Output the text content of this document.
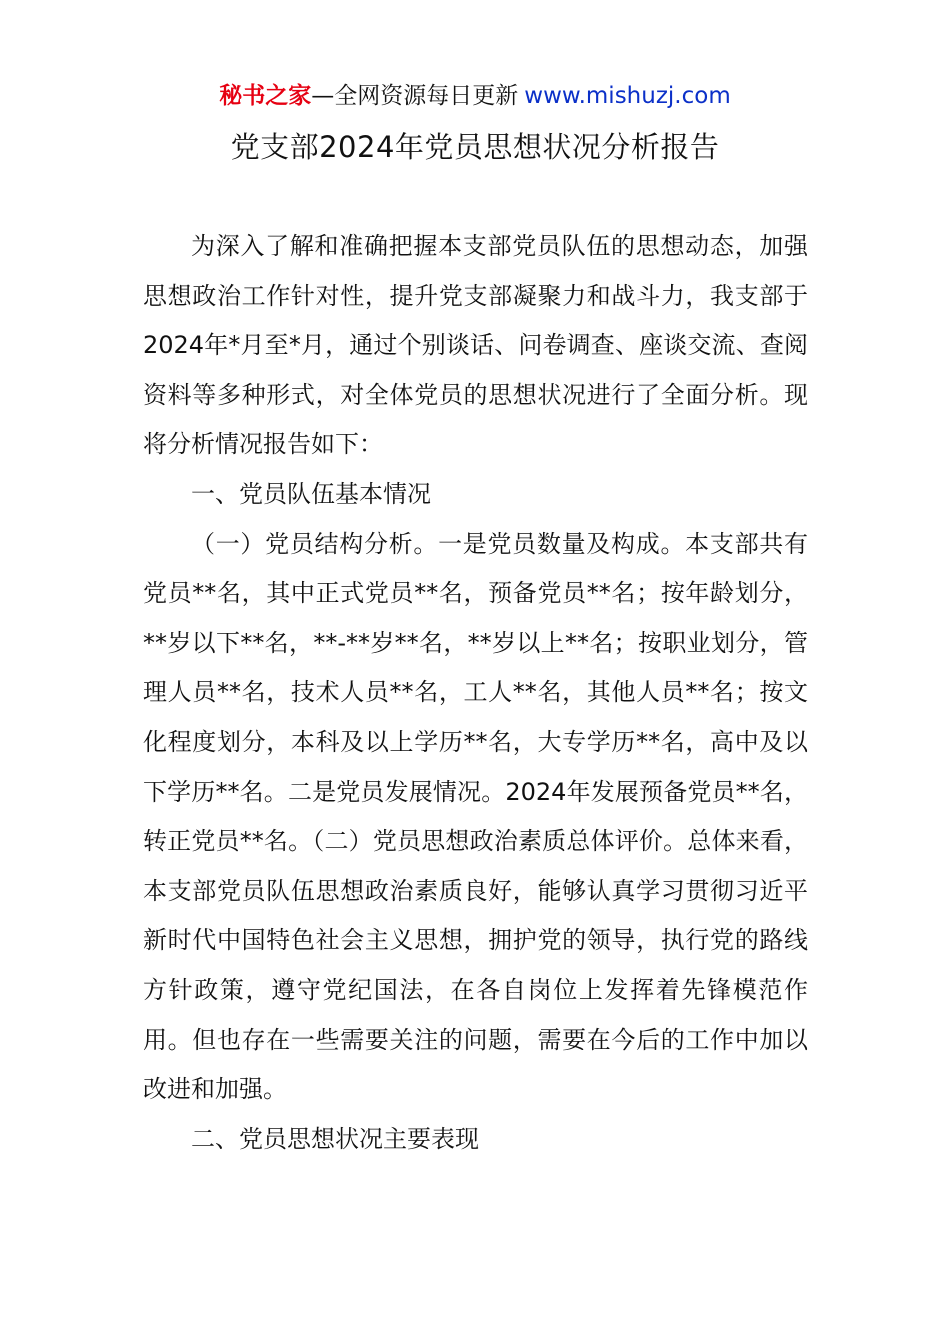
秘书之家—全网资源每日更新 www.mishuzj.com
党支部2024年党员思想状况分析报告

为深入了解和准确把握本支部党员队伍的思想动态，加强思想政治工作针对性，提升党支部凝聚力和战斗力，我支部于2024年*月至*月，通过个别谈话、问卷调查、座谈交流、查阅资料等多种形式，对全体党员的思想状况进行了全面分析。现将分析情况报告如下：

一、党员队伍基本情况

（一）党员结构分析。一是党员数量及构成。本支部共有党员**名，其中正式党员**名，预备党员**名；按年龄划分，**岁以下**名，**-**岁**名，**岁以上**名；按职业划分，管理人员**名，技术人员**名，工人**名，其他人员**名；按文化程度划分，本科及以上学历**名，大专学历**名，高中及以下学历**名。二是党员发展情况。2024年发展预备党员**名，转正党员**名。（二）党员思想政治素质总体评价。总体来看，本支部党员队伍思想政治素质良好，能够认真学习贯彻习近平新时代中国特色社会主义思想，拥护党的领导，执行党的路线方针政策，遵守党纪国法，在各自岗位上发挥着先锋模范作用。但也存在一些需要关注的问题，需要在今后的工作中加以改进和加强。

二、党员思想状况主要表现
